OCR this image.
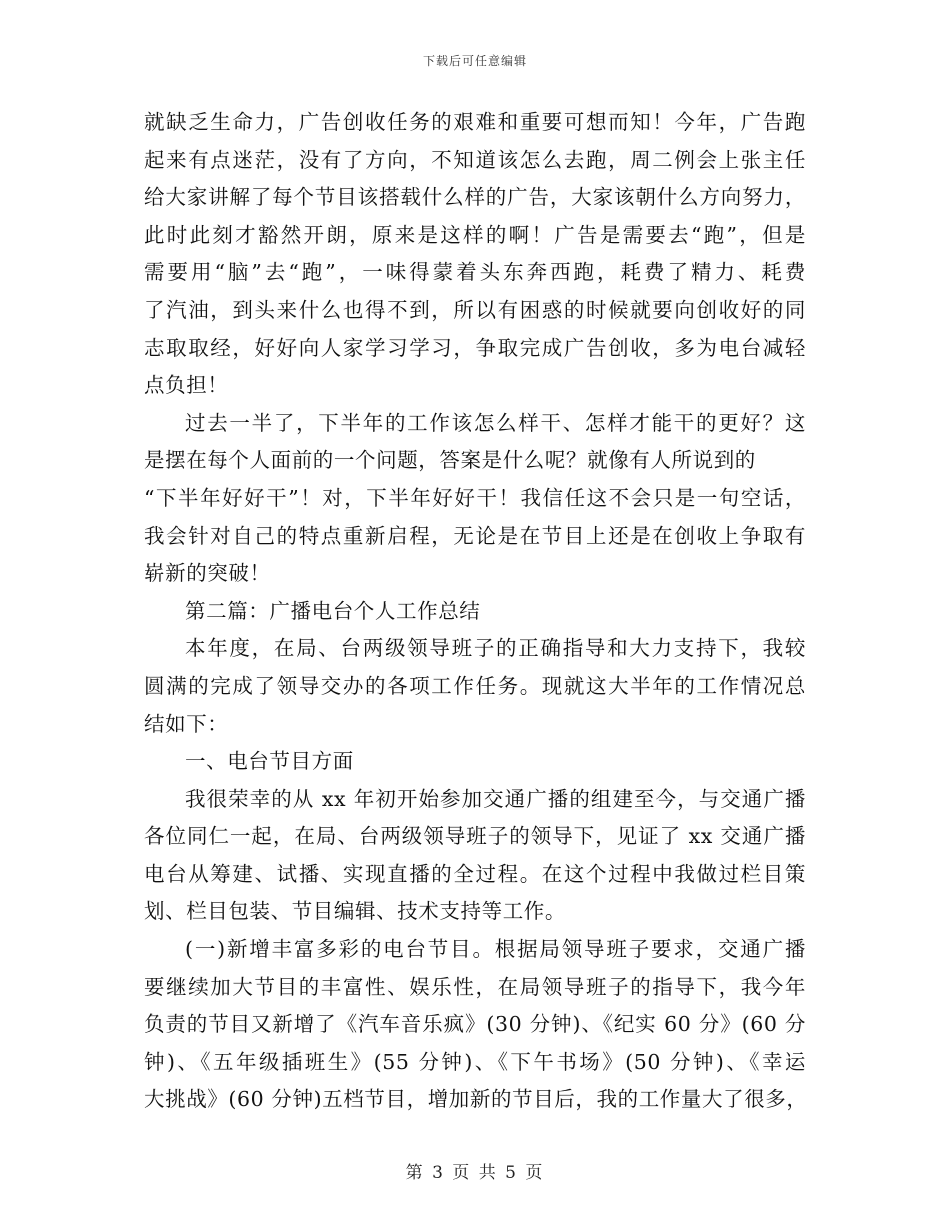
下载后可任意编辑
就缺乏生命力，广告创收任务的艰难和重要可想而知！今年，广告跑
起来有点迷茫，没有了方向，不知道该怎么去跑，周二例会上张主任
给大家讲解了每个节目该搭载什么样的广告，大家该朝什么方向努力，
此时此刻才豁然开朗，原来是这样的啊！广告是需要去“跑”，但是
需要用“脑”去“跑”，一味得蒙着头东奔西跑，耗费了精力、耗费
了汽油，到头来什么也得不到，所以有困惑的时候就要向创收好的同
志取取经，好好向人家学习学习，争取完成广告创收，多为电台减轻
点负担！
过去一半了，下半年的工作该怎么样干、怎样才能干的更好？这
是摆在每个人面前的一个问题，答案是什么呢？就像有人所说到的
“下半年好好干”！对，下半年好好干！我信任这不会只是一句空话，
我会针对自己的特点重新启程，无论是在节目上还是在创收上争取有
崭新的突破！
第二篇：广播电台个人工作总结
本年度，在局、台两级领导班子的正确指导和大力支持下，我较
圆满的完成了领导交办的各项工作任务。现就这大半年的工作情况总
结如下：
一、电台节目方面
我很荣幸的从 xx 年初开始参加交通广播的组建至今，与交通广播
各位同仁一起，在局、台两级领导班子的领导下，见证了 xx 交通广播
电台从筹建、试播、实现直播的全过程。在这个过程中我做过栏目策
划、栏目包装、节目编辑、技术支持等工作。
(一)新增丰富多彩的电台节目。根据局领导班子要求，交通广播
要继续加大节目的丰富性、娱乐性，在局领导班子的指导下，我今年
负责的节目又新增了《汽车音乐疯》(30 分钟)、《纪实 60 分》(60 分
钟)、《五年级插班生》(55 分钟)、《下午书场》(50 分钟)、《幸运
大挑战》(60 分钟)五档节目，增加新的节目后，我的工作量大了很多，
第 3 页 共 5 页
